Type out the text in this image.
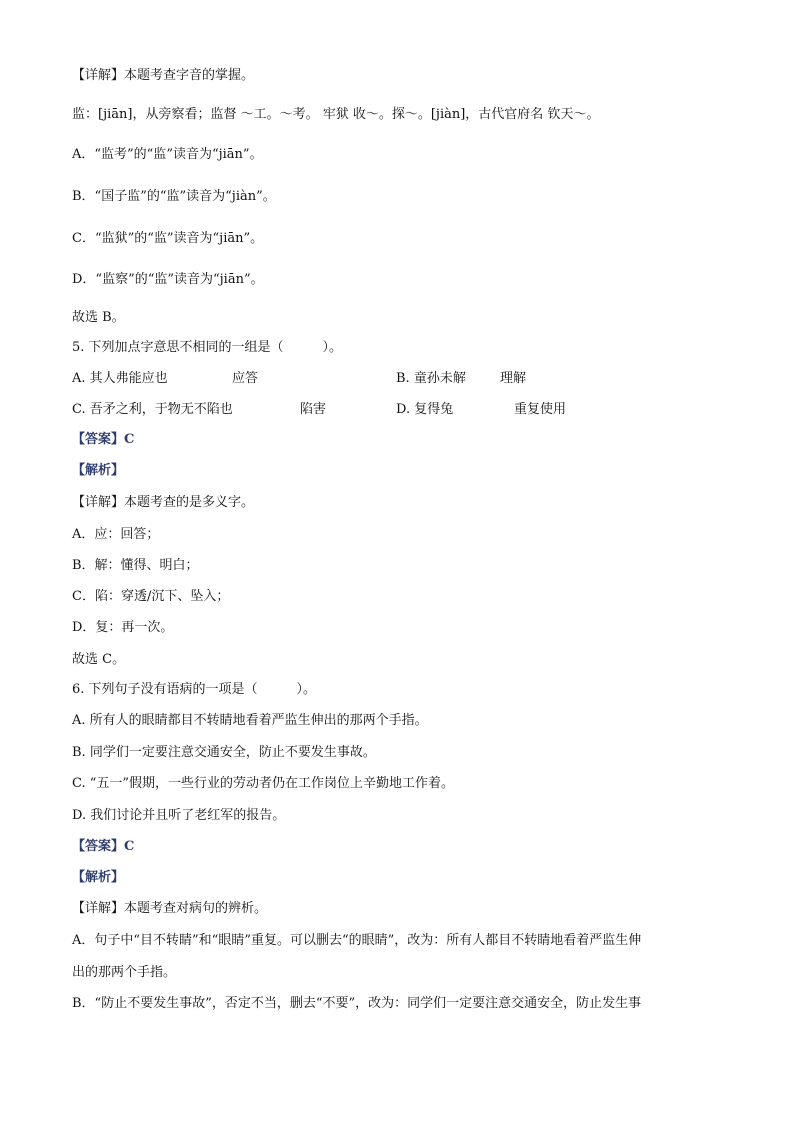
【详解】本题考查字音的掌握。
监：[jiān]，从旁察看；监督 ～工。～考。 牢狱 收～。探～。[jiàn]，古代官府名 钦天～。
A．“监考”的“监”读音为“jiān”。
B．“国子监”的“监”读音为“jiàn”。
C．“监狱”的“监”读音为“jiān”。
D．“监察”的“监”读音为“jiān”。
故选 B。
5. 下列加点字意思不相同的一组是（　　　）。
A. 其人弗能应也	应答	B. 童孙未解	理解
C. 吾矛之利，于物无不陷也	陷害	D. 复得兔	重复使用
【答案】C
【解析】
【详解】本题考查的是多义字。
A．应：回答；
B．解：懂得、明白；
C．陷：穿透/沉下、坠入；
D．复：再一次。
故选 C。
6. 下列句子没有语病的一项是（　　　）。
A. 所有人的眼睛都目不转睛地看着严监生伸出的那两个手指。
B. 同学们一定要注意交通安全，防止不要发生事故。
C. “五一”假期，一些行业的劳动者仍在工作岗位上辛勤地工作着。
D. 我们讨论并且听了老红军的报告。
【答案】C
【解析】
【详解】本题考查对病句的辨析。
A．句子中“目不转睛”和“眼睛”重复。可以删去“的眼睛”，改为：所有人都目不转睛地看着严监生伸
出的那两个手指。
B．“防止不要发生事故”，否定不当，删去“不要”，改为：同学们一定要注意交通安全，防止发生事
